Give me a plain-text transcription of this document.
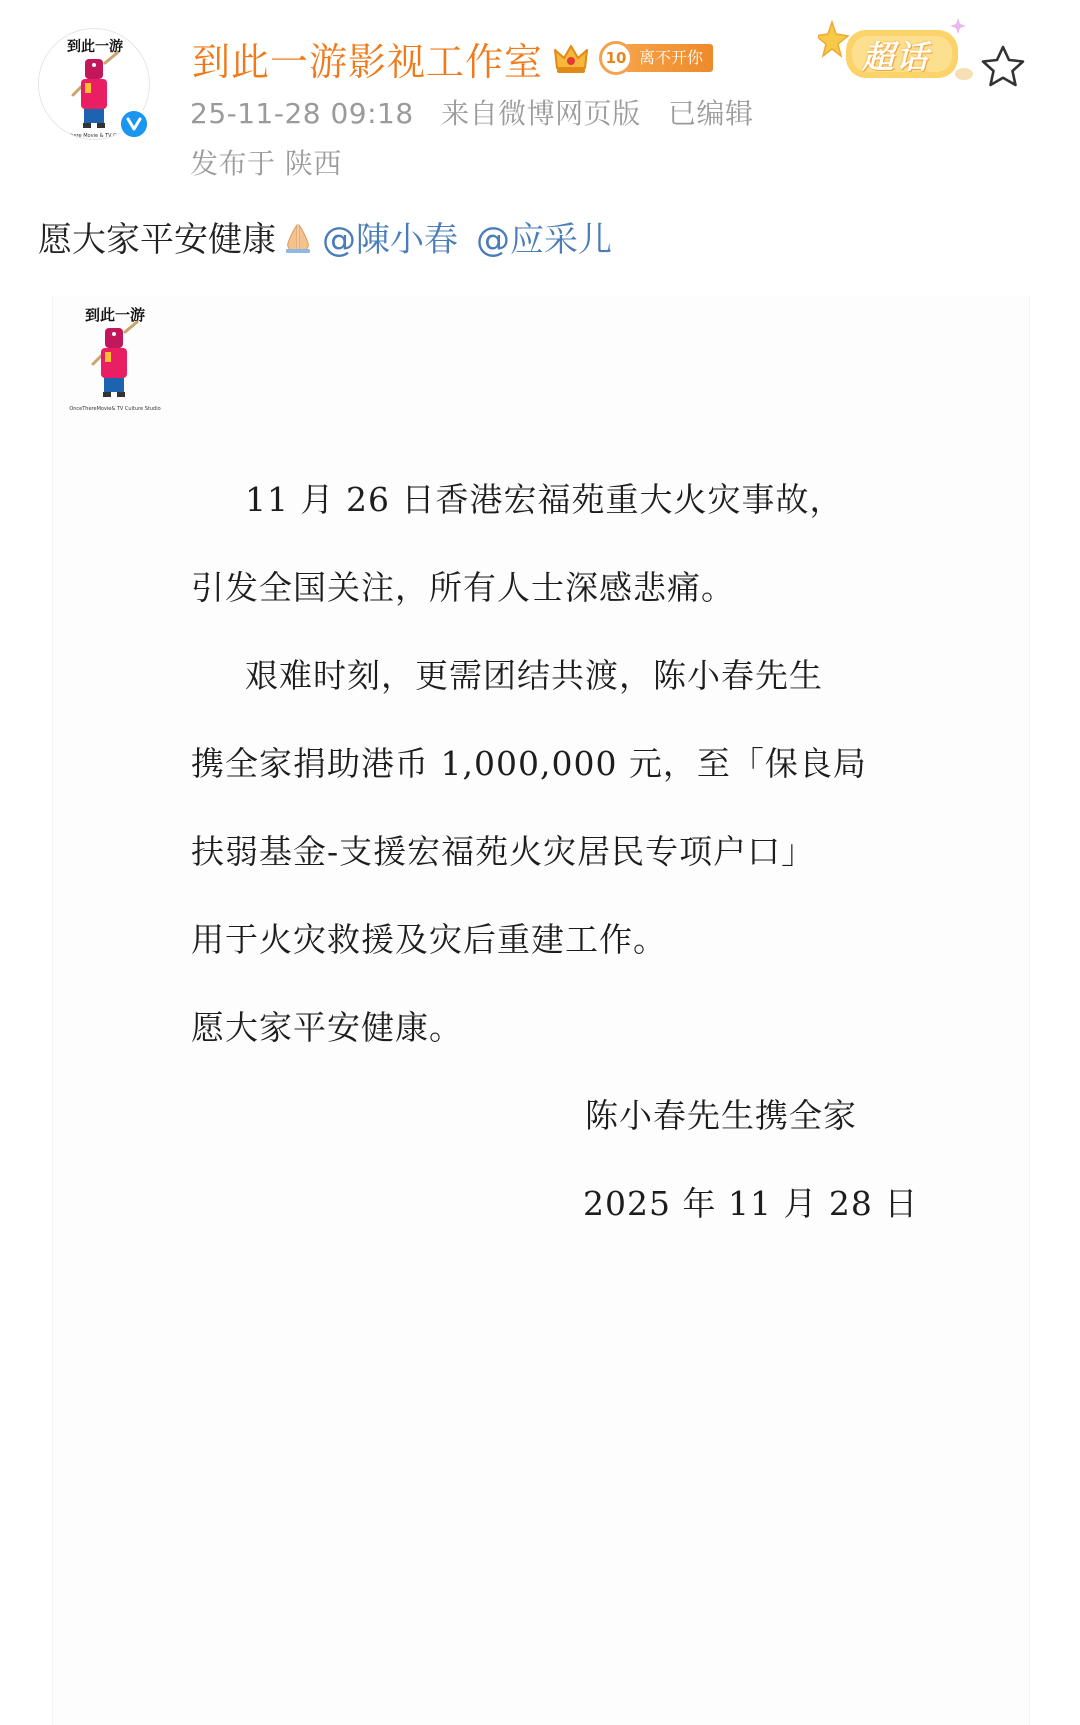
到此一游
·there Movie & TV Cult
到此一游影视工作室	10 离不开你
25-11-28 09:18 来自微博网页版 已编辑
发布于 陕西
超话
愿大家平安健康 @陳小春 @应采儿
到此一游
OnceThereMovie& TV Culture Studio
11 月 26 日香港宏福苑重大火灾事故，
引发全国关注，所有人士深感悲痛。
艰难时刻，更需团结共渡，陈小春先生
携全家捐助港币 1,000,000 元，至「保良局
扶弱基金-支援宏福苑火灾居民专项户口」
用于火灾救援及灾后重建工作。
愿大家平安健康。
陈小春先生携全家
2025 年 11 月 28 日
